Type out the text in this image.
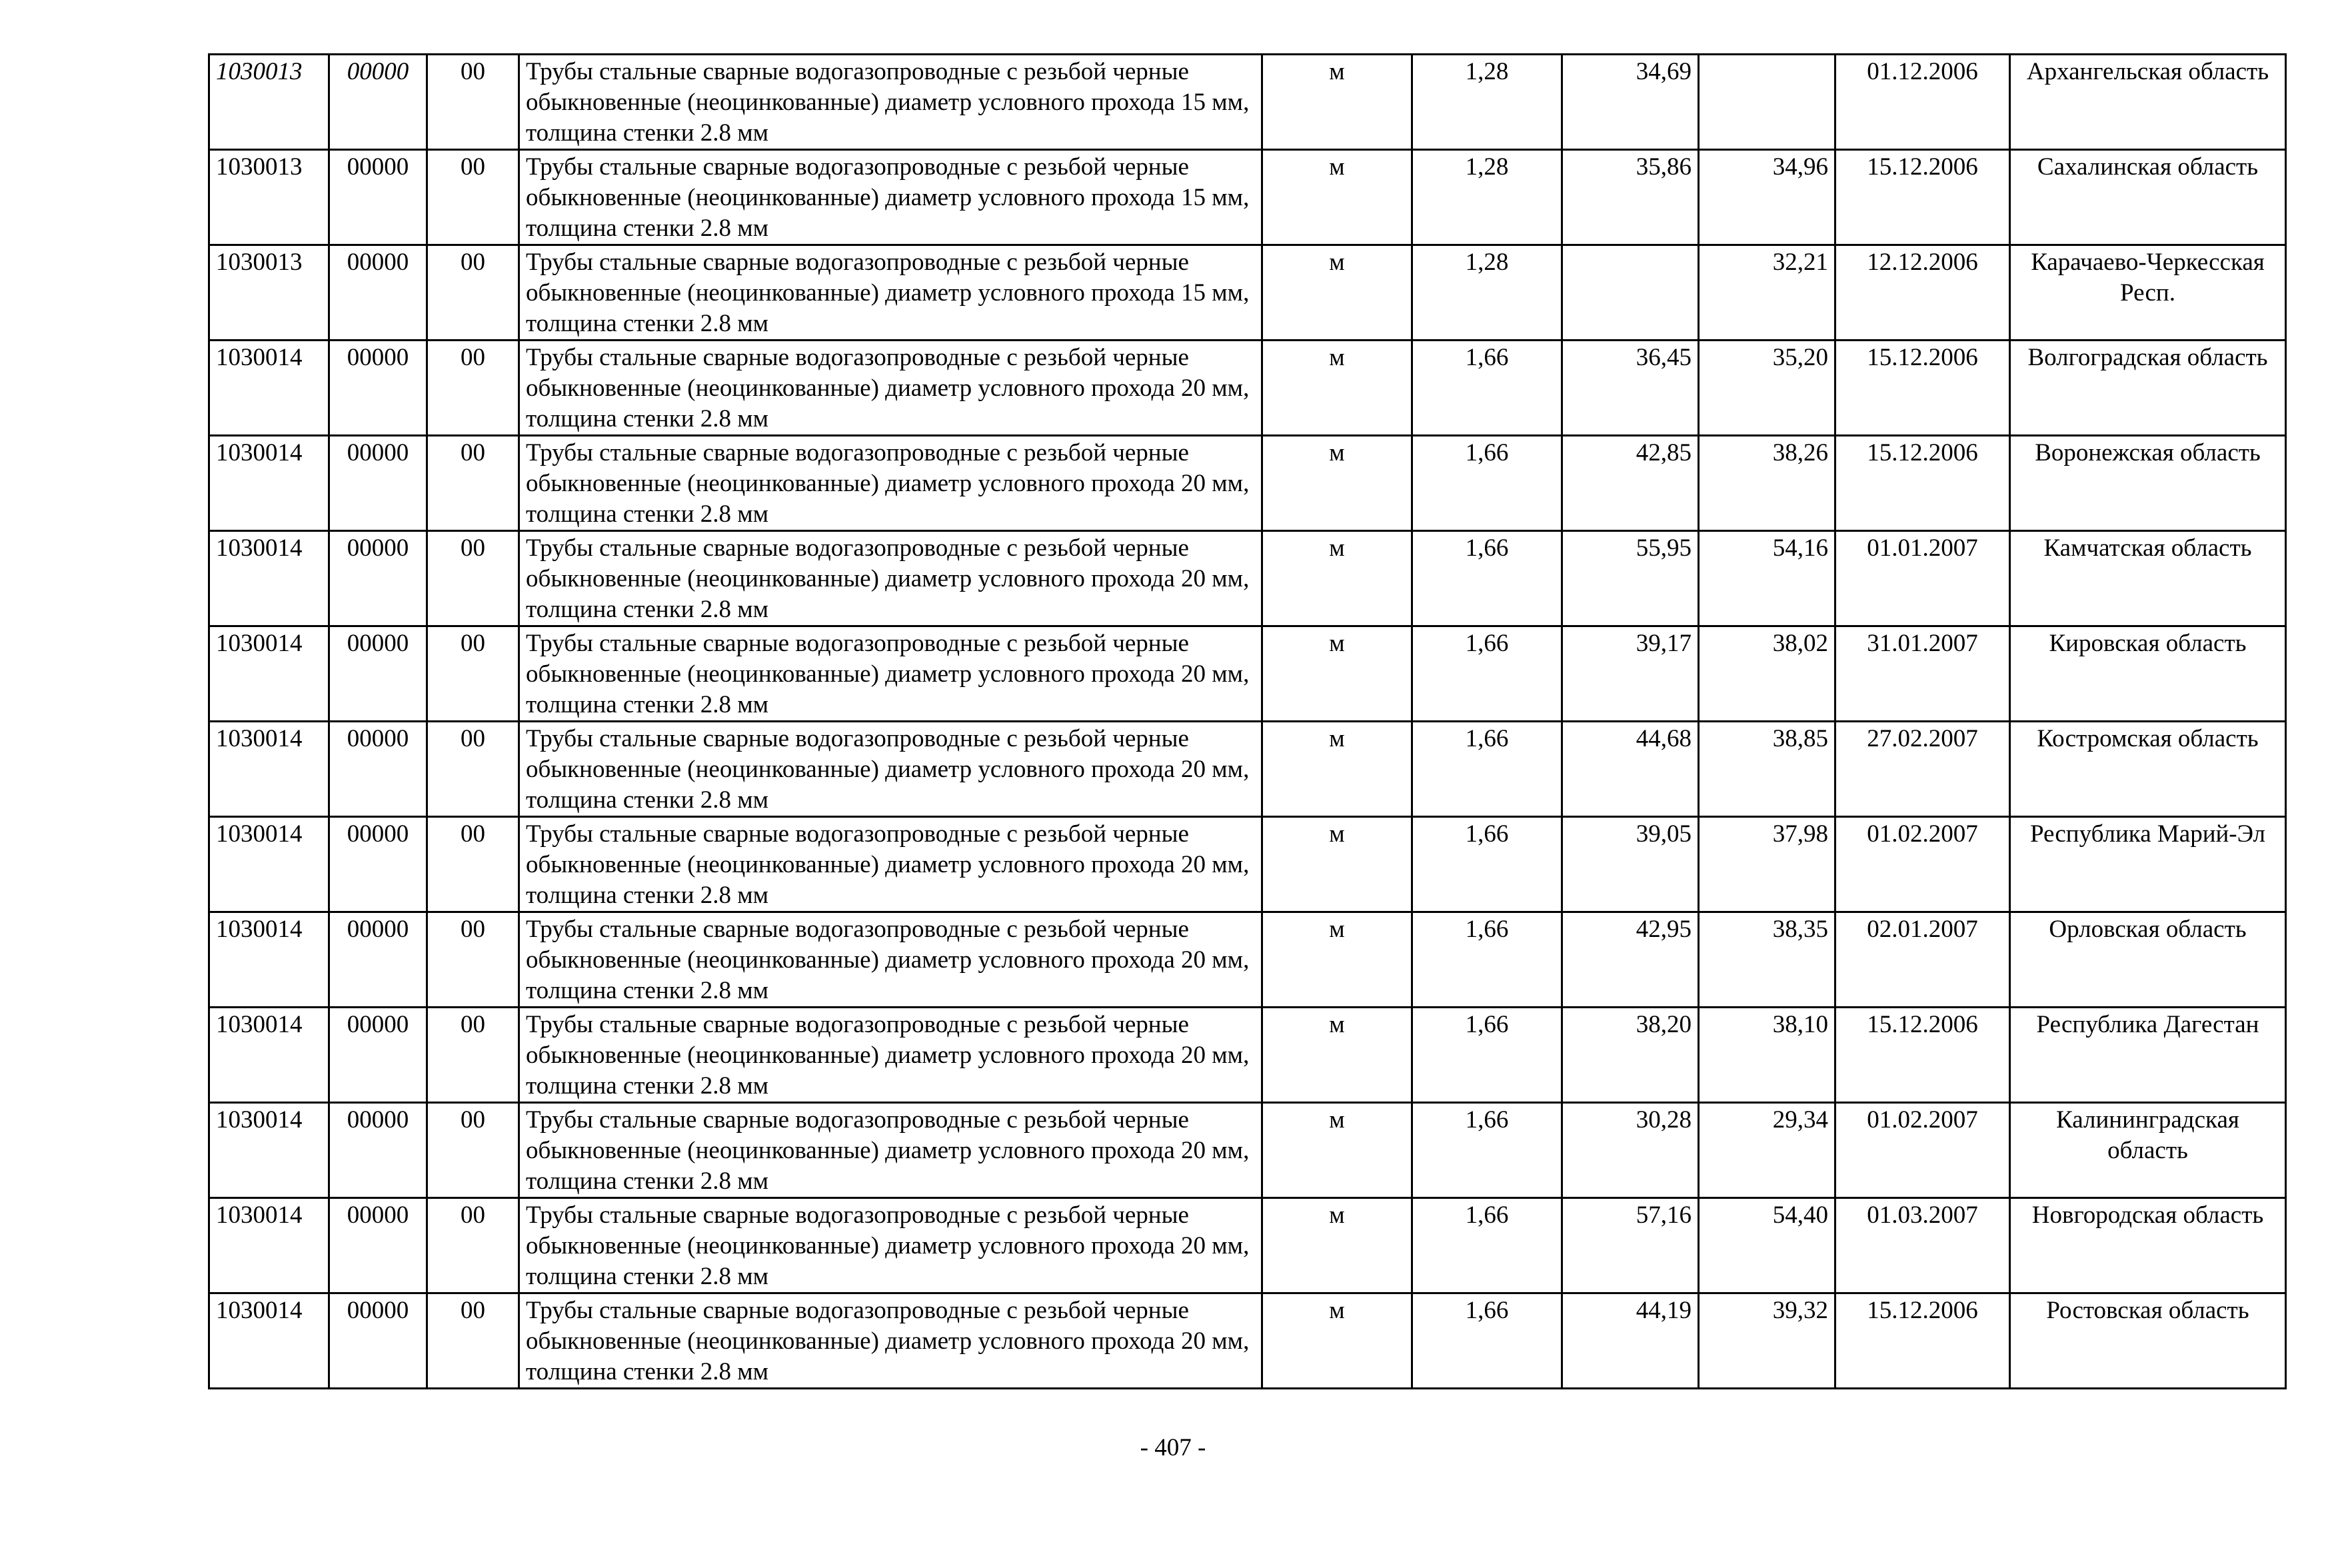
1030013	00000	00	Трубы стальные сварные водогазопроводные с резьбой черные обыкновенные (неоцинкованные) диаметр условного прохода 15 мм, толщина стенки 2.8 мм	м	1,28	34,69		01.12.2006	Архангельская область
1030013	00000	00	Трубы стальные сварные водогазопроводные с резьбой черные обыкновенные (неоцинкованные) диаметр условного прохода 15 мм, толщина стенки 2.8 мм	м	1,28	35,86	34,96	15.12.2006	Сахалинская область
1030013	00000	00	Трубы стальные сварные водогазопроводные с резьбой черные обыкновенные (неоцинкованные) диаметр условного прохода 15 мм, толщина стенки 2.8 мм	м	1,28		32,21	12.12.2006	Карачаево-Черкесская Респ.
1030014	00000	00	Трубы стальные сварные водогазопроводные с резьбой черные обыкновенные (неоцинкованные) диаметр условного прохода 20 мм, толщина стенки 2.8 мм	м	1,66	36,45	35,20	15.12.2006	Волгоградская область
1030014	00000	00	Трубы стальные сварные водогазопроводные с резьбой черные обыкновенные (неоцинкованные) диаметр условного прохода 20 мм, толщина стенки 2.8 мм	м	1,66	42,85	38,26	15.12.2006	Воронежская область
1030014	00000	00	Трубы стальные сварные водогазопроводные с резьбой черные обыкновенные (неоцинкованные) диаметр условного прохода 20 мм, толщина стенки 2.8 мм	м	1,66	55,95	54,16	01.01.2007	Камчатская область
1030014	00000	00	Трубы стальные сварные водогазопроводные с резьбой черные обыкновенные (неоцинкованные) диаметр условного прохода 20 мм, толщина стенки 2.8 мм	м	1,66	39,17	38,02	31.01.2007	Кировская область
1030014	00000	00	Трубы стальные сварные водогазопроводные с резьбой черные обыкновенные (неоцинкованные) диаметр условного прохода 20 мм, толщина стенки 2.8 мм	м	1,66	44,68	38,85	27.02.2007	Костромская область
1030014	00000	00	Трубы стальные сварные водогазопроводные с резьбой черные обыкновенные (неоцинкованные) диаметр условного прохода 20 мм, толщина стенки 2.8 мм	м	1,66	39,05	37,98	01.02.2007	Республика Марий-Эл
1030014	00000	00	Трубы стальные сварные водогазопроводные с резьбой черные обыкновенные (неоцинкованные) диаметр условного прохода 20 мм, толщина стенки 2.8 мм	м	1,66	42,95	38,35	02.01.2007	Орловская область
1030014	00000	00	Трубы стальные сварные водогазопроводные с резьбой черные обыкновенные (неоцинкованные) диаметр условного прохода 20 мм, толщина стенки 2.8 мм	м	1,66	38,20	38,10	15.12.2006	Республика Дагестан
1030014	00000	00	Трубы стальные сварные водогазопроводные с резьбой черные обыкновенные (неоцинкованные) диаметр условного прохода 20 мм, толщина стенки 2.8 мм	м	1,66	30,28	29,34	01.02.2007	Калининградская область
1030014	00000	00	Трубы стальные сварные водогазопроводные с резьбой черные обыкновенные (неоцинкованные) диаметр условного прохода 20 мм, толщина стенки 2.8 мм	м	1,66	57,16	54,40	01.03.2007	Новгородская область
1030014	00000	00	Трубы стальные сварные водогазопроводные с резьбой черные обыкновенные (неоцинкованные) диаметр условного прохода 20 мм, толщина стенки 2.8 мм	м	1,66	44,19	39,32	15.12.2006	Ростовская область
- 407 -
